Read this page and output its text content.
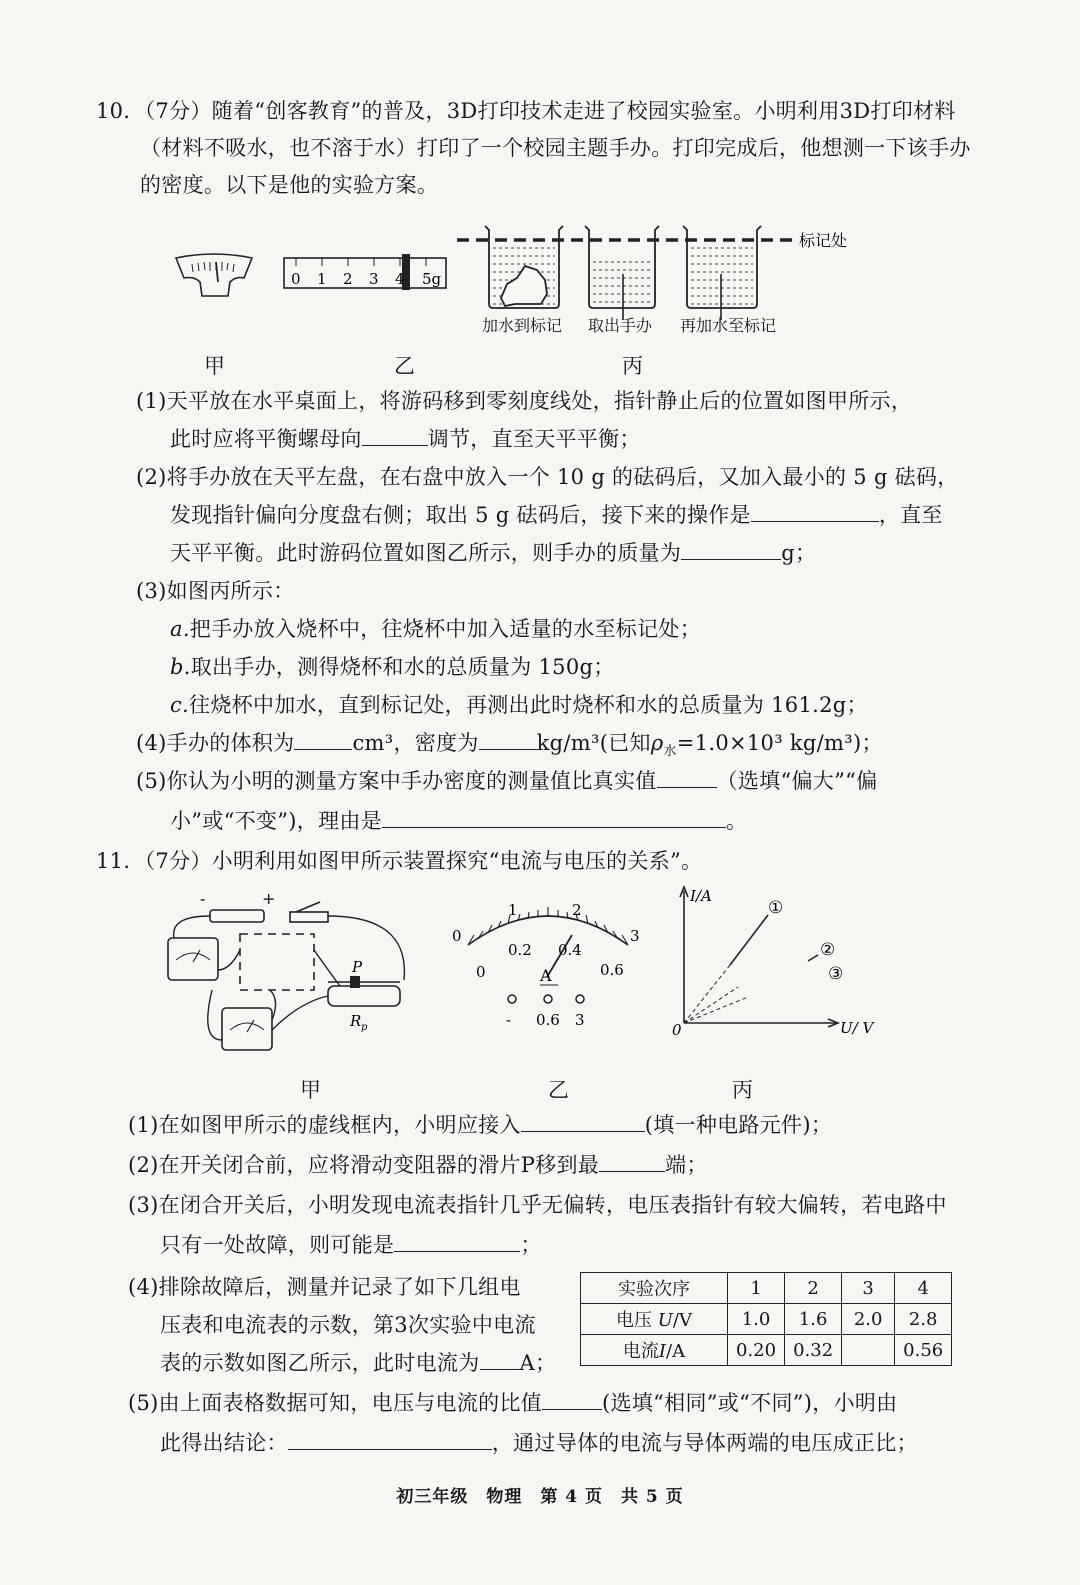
10．（7分）随着“创客教育”的普及，3D打印技术走进了校园实验室。小明利用3D打印材料
（材料不吸水，也不溶于水）打印了一个校园主题手办。打印完成后，他想测一下该手办
的密度。以下是他的实验方案。
0 1 2 3 4 5g
标记处
加水到标记 取出手办 再加水至标记
甲	乙	丙
(1)天平放在水平桌面上，将游码移到零刻度线处，指针静止后的位置如图甲所示，
此时应将平衡螺母向	调节，直至天平平衡；
(2)将手办放在天平左盘，在右盘中放入一个 10 g 的砝码后，又加入最小的 5 g 砝码，
发现指针偏向分度盘右侧；取出 5 g 砝码后，接下来的操作是	，直至
天平平衡。此时游码位置如图乙所示，则手办的质量为	g；
(3)如图丙所示：
a.把手办放入烧杯中，往烧杯中加入适量的水至标记处；
b.取出手办，测得烧杯和水的总质量为 150g；
c.往烧杯中加水，直到标记处，再测出此时烧杯和水的总质量为 161.2g；
(4)手办的体积为	cm³，密度为	kg/m³(已知$\rho_水=1.0\times 10^3$ kg/m³)；
(5)你认为小明的测量方案中手办密度的测量值比真实值	（选填“偏大”“偏
小”或“不变”)，理由是	。
11．（7分）小明利用如图甲所示装置探究“电流与电压的关系”。
-	+
P
R p
0
1	2
3
0
0.2 0.4
0.6
A
- 0.6 3
I/A
U/ V
0
①
②
③
甲	乙	丙
(1)在如图甲所示的虚线框内，小明应接入	(填一种电路元件)；
(2)在开关闭合前，应将滑动变阻器的滑片P移到最	端；
(3)在闭合开关后，小明发现电流表指针几乎无偏转，电压表指针有较大偏转，若电路中
只有一处故障，则可能是	；
(4)排除故障后，测量并记录了如下几组电
压表和电流表的示数，第3次实验中电流
表的示数如图乙所示，此时电流为 A；
实验次序	1	2	3	4
电压 U/V	1.0	1.6	2.0	2.8
电流I/A	0.20	0.32		0.56
(5)由上面表格数据可知，电压与电流的比值	(选填“相同”或“不同”)，小明由
此得出结论：	，通过导体的电流与导体两端的电压成正比；
初三年级　物理　第 4 页　共 5 页
